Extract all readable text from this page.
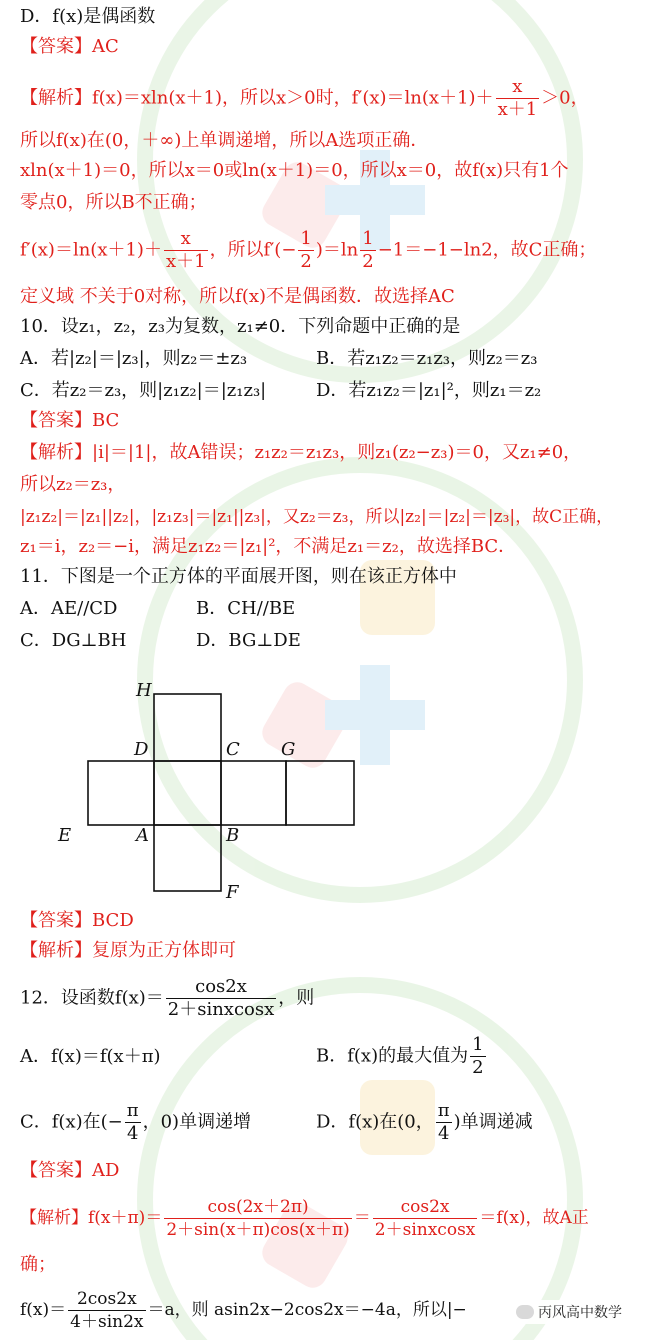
D．f(x)是偶函数
【答案】AC
【解析】f(x)＝xln(x＋1)，所以x＞0时，$f'(x)=\ln(x+1)+ \frac{x}{x+1} >0$，
所以f(x)在(0，＋∞)上单调递增，所以A选项正确．
xln(x＋1)＝0，所以x＝0或ln(x＋1)＝0，所以x＝0，故f(x)只有1个
零点0，所以B不正确；
$f'(x)=\ln(x+1)+ \frac{x}{x+1}$ ，所以$f'(- \frac{1}{2} )=\ln \frac{1}{2} -1=-1-\ln 2$，故C正确；
定义域 不关于0对称，所以f(x)不是偶函数．故选择AC
10．设z₁，z₂，z₃为复数，z₁≠0．下列命题中正确的是
A．若|z₂|＝|z₃|，则z₂＝±z₃	B．若z₁z₂＝z₁z₃，则z₂＝z₃
C．若z₂＝z₃，则|z₁z₂|＝|z₁z₃|	D．若z₁z₂＝|z₁|²，则z₁＝z₂
【答案】BC
【解析】|i|＝|1|，故A错误；z₁z₂＝z₁z₃，则z₁(z₂−z₃)＝0，又z₁≠0，
所以z₂＝z₃，
|z₁z₂|＝|z₁||z₂|，|z₁z₃|＝|z₁||z₃|，又z₂＝z₃，所以|z₂|＝|z₂|＝|z₃|，故C正确，
z₁＝i，z₂＝−i，满足z₁z₂＝|z₁|²，不满足z₁＝z₂，故选择BC．
11．下图是一个正方体的平面展开图，则在该正方体中
A．AE//CD	B．CH//BE
C．DG⊥BH	D．BG⊥DE
H
D	C G
E	A	B
F
【答案】BCD
【解析】复原为正方体即可
12．设函数$f(x)= \frac{\cos 2x}{\text{2＋sinxcosx}}$ ，则
A．f(x)＝f(x＋π)	B．f(x)的最大值为 $\frac{1}{2}$
C．f(x)在(− $\frac{\pi}{4}$ ，0)单调递增	D．f(x)在(0， $\frac{\pi}{4}$ )单调递减
【答案】AD
【解析】$f(x+\pi)= \frac{\cos(2x+2\pi)}{2+\sin(x+\pi)\cos(x+\pi)} = \frac{\cos 2x}{\text{2＋sinxcosx}} =f(x)$，故A正
确；
$f(x)= \frac{2\cos 2x}{4+\sin 2x} =a$，则 asin2x−2cos2x＝−4a，所以|−	丙风高中数学
